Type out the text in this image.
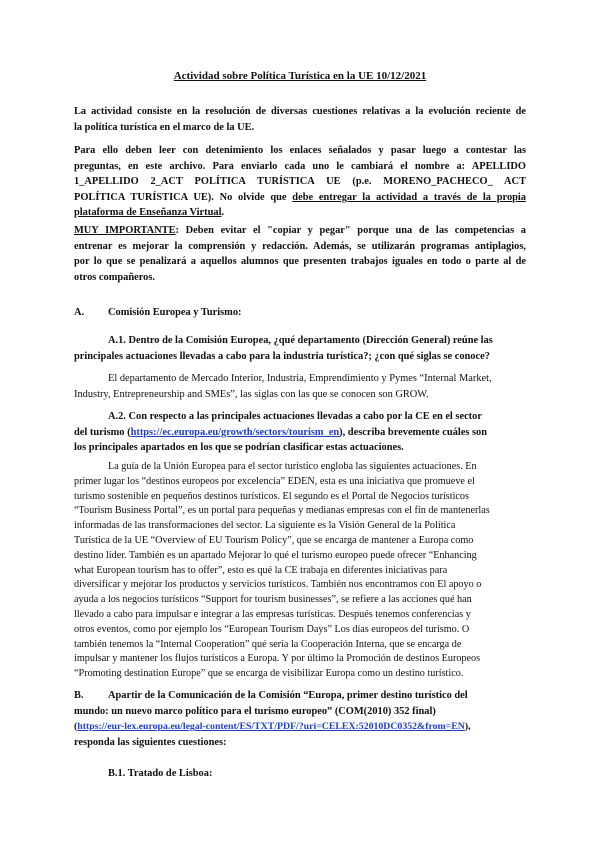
Actividad sobre Política Turística en la UE 10/12/2021
La actividad consiste en la resolución de diversas cuestiones relativas a la evolución reciente de
la política turística en el marco de la UE.
Para ello deben leer con detenimiento los enlaces señalados y pasar luego a contestar las
preguntas, en este archivo. Para enviarlo cada uno le cambiará el nombre a: APELLIDO
1_APELLIDO 2_ACT POLÍTICA TURÍSTICA UE (p.e. MORENO_PACHECO_ ACT
POLÍTICA TURÍSTICA UE). No olvide que debe entregar la actividad a través de la propia
plataforma de Enseñanza Virtual.
MUY IMPORTANTE: Deben evitar el "copiar y pegar" porque una de las competencias a
entrenar es mejorar la comprensión y redacción. Además, se utilizarán programas antiplagios,
por lo que se penalizará a aquellos alumnos que presenten trabajos iguales en todo o parte al de
otros compañeros.
A. Comisión Europea y Turismo:
A.1. Dentro de la Comisión Europea, ¿qué departamento (Dirección General) reúne las
principales actuaciones llevadas a cabo para la industria turística?; ¿con qué siglas se conoce?
El departamento de Mercado Interior, Industria, Emprendimiento y Pymes “Internal Market,
Industry, Entrepreneurship and SMEs”, las siglas con las que se conocen son GROW.
A.2. Con respecto a las principales actuaciones llevadas a cabo por la CE en el sector
del turismo (https://ec.europa.eu/growth/sectors/tourism_en), describa brevemente cuáles son
los principales apartados en los que se podrían clasificar estas actuaciones.
La guía de la Unión Europea para el sector turístico engloba las siguientes actuaciones. En
primer lugar los “destinos europeos por excelencia” EDEN, esta es una iniciativa que promueve el
turismo sostenible en pequeños destinos turísticos. El segundo es el Portal de Negocios turísticos
“Tourism Business Portal”, es un portal para pequeñas y medianas empresas con el fin de mantenerlas
informadas de las transformaciones del sector. La siguiente es la Visión General de la Política
Turística de la UE “Overview of EU Tourism Policy”, que se encarga de mantener a Europa como
destino líder. También es un apartado Mejorar lo qué el turismo europeo puede ofrecer “Enhancing
what European tourism has to offer”, esto es qué la CE trabaja en diferentes iniciativas para
diversificar y mejorar los productos y servicios turísticos. También nos encontramos con El apoyo o
ayuda a los negocios turísticos “Support for tourism businesses”, se refiere a las acciones qué han
llevado a cabo para impulsar e integrar a las empresas turísticas. Después tenemos conferencias y
otros eventos, como por ejemplo los “European Tourism Days” Los días europeos del turismo. O
también tenemos la “Internal Cooperation” qué sería la Cooperación Interna, que se encarga de
impulsar y mantener los flujos turísticos a Europa. Y por último la Promoción de destinos Europeos
“Promoting destination Europe” que se encarga de visibilizar Europa como un destino turístico.
B. Apartir de la Comunicación de la Comisión “Europa, primer destino turístico del
mundo: un nuevo marco político para el turismo europeo” (COM(2010) 352 final)
(https://eur-lex.europa.eu/legal-content/ES/TXT/PDF/?uri=CELEX:52010DC0352&from=EN),
responda las siguientes cuestiones:
B.1. Tratado de Lisboa:
